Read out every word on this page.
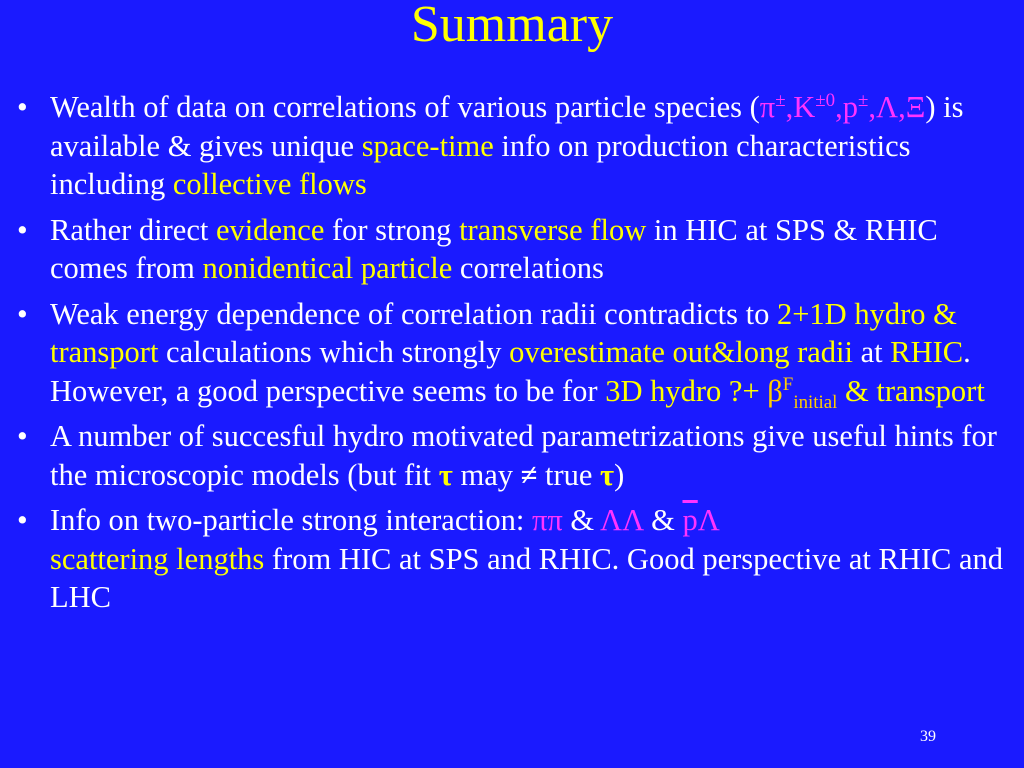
Summary
• Wealth of data on correlations of various particle species $(\pi^\pm,K^{\pm 0},p^\pm,\Lambda,\Xi)$ is available & gives unique space-time info on production characteristics including collective flows
• Rather direct evidence for strong transverse flow in HIC at SPS & RHIC comes from nonidentical particle correlations
• Weak energy dependence of correlation radii contradicts to 2+1D hydro & transport calculations which strongly overestimate out&long radii at RHIC. However, a good perspective seems to be for 3D hydro ?+ $\beta^F_{initial}$ & transport
• A number of succesful hydro motivated parametrizations give useful hints for the microscopic models (but fit τ may ≠ true τ)
• Info on two-particle strong interaction: ππ & ΛΛ & $\overline{p}\Lambda$
scattering lengths from HIC at SPS and RHIC. Good perspective at RHIC and LHC
39
